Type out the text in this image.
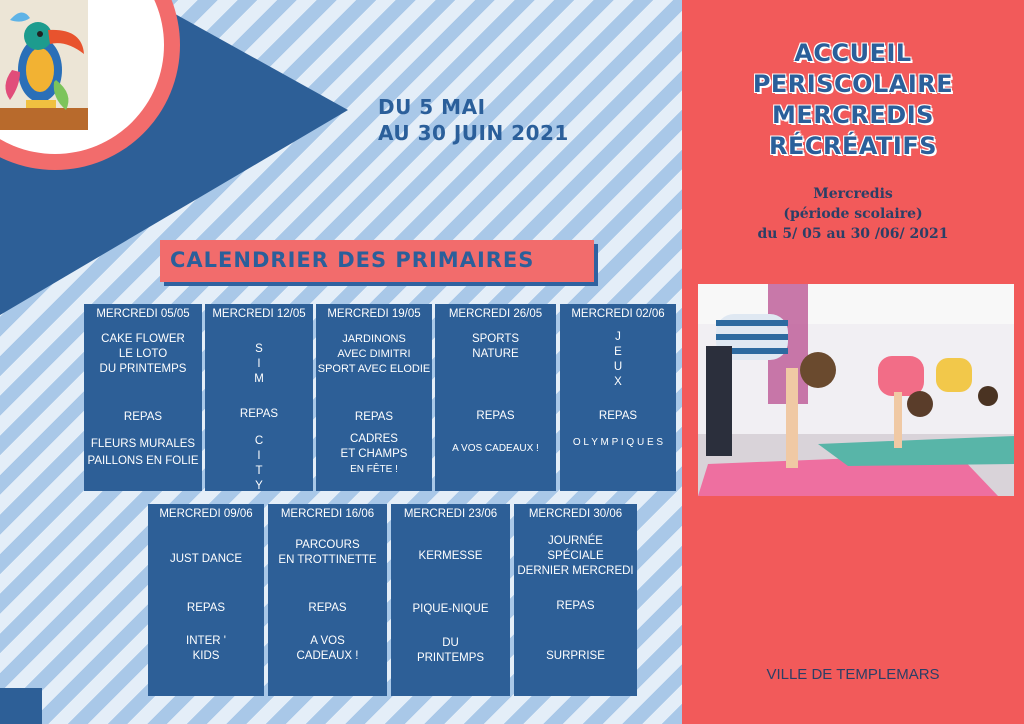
DU 5 MAI
AU 30 JUIN 2021
CALENDRIER DES PRIMAIRES
MERCREDI 05/05
CAKE FLOWER
LE LOTO
DU PRINTEMPS
REPAS
FLEURS MURALES
PAILLONS EN FOLIE
MERCREDI 12/05
S
I
M
REPAS
C
I
T
Y
MERCREDI 19/05
JARDINONS
AVEC DIMITRI
SPORT AVEC ELODIE
REPAS
CADRES
ET CHAMPS
EN FÊTE !
MERCREDI 26/05
SPORTS
NATURE
REPAS
A VOS CADEAUX !
MERCREDI 02/06
J
E
U
X
REPAS
O L Y M P I Q U E S
MERCREDI 09/06
JUST DANCE
REPAS
INTER '
KIDS
MERCREDI 16/06
PARCOURS
EN TROTTINETTE
REPAS
A VOS
CADEAUX !
MERCREDI 23/06
KERMESSE
PIQUE-NIQUE
DU
PRINTEMPS
MERCREDI 30/06
JOURNÉE
SPÉCIALE
DERNIER MERCREDI
REPAS
SURPRISE
ACCUEIL
PERISCOLAIRE
MERCREDIS
RÉCRÉATIFS
Mercredis
(période scolaire)
du 5/ 05 au 30 /06/ 2021
VILLE DE TEMPLEMARS
